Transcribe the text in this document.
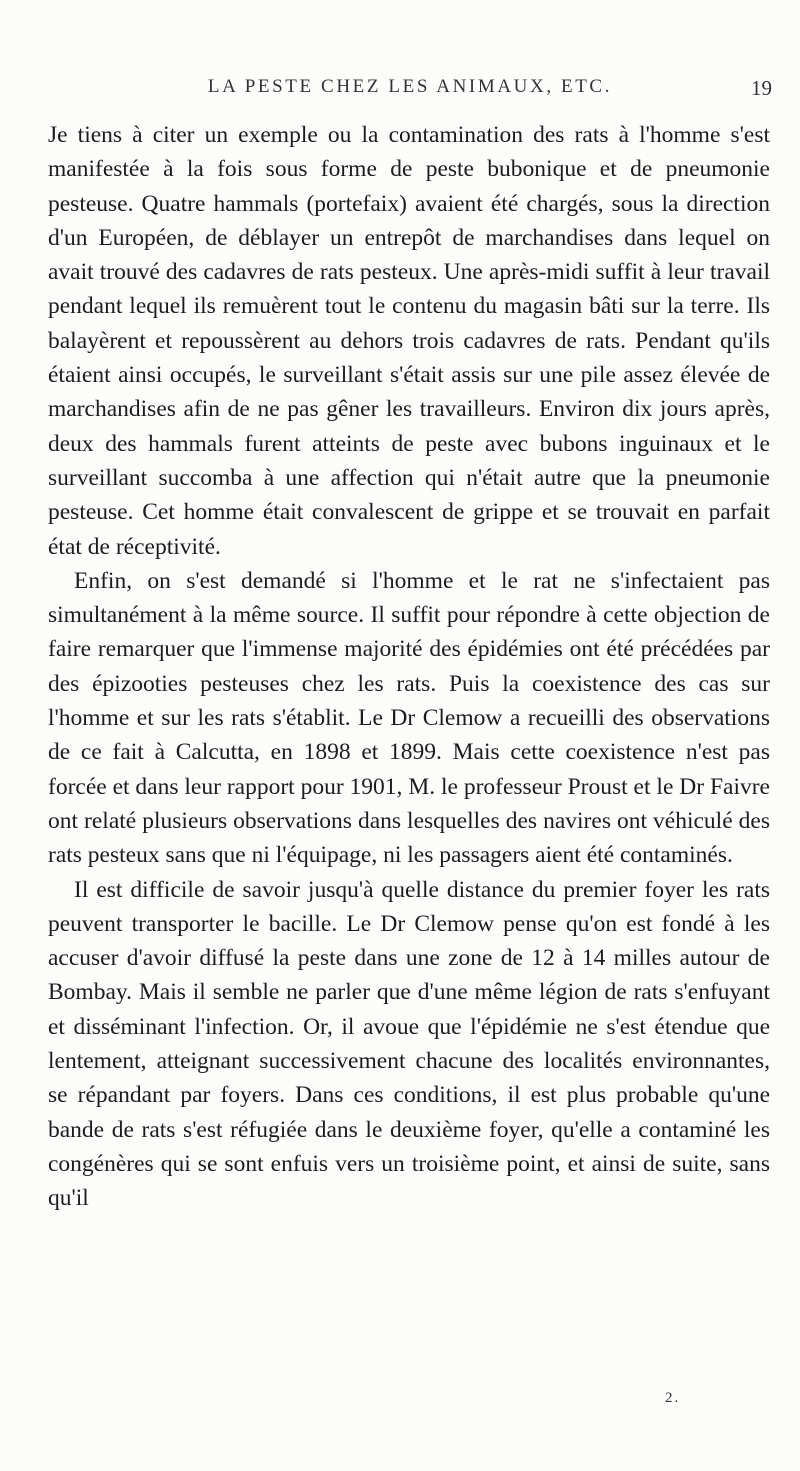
LA PESTE CHEZ LES ANIMAUX, ETC.	19

Je tiens à citer un exemple ou la contamination des rats à l'homme s'est manifestée à la fois sous forme de peste bubonique et de pneumonie pesteuse. Quatre hammals (portefaix) avaient été chargés, sous la direction d'un Européen, de déblayer un entrepôt de marchandises dans lequel on avait trouvé des cadavres de rats pesteux. Une après-midi suffit à leur travail pendant lequel ils remuèrent tout le contenu du magasin bâti sur la terre. Ils balayèrent et repoussèrent au dehors trois cadavres de rats. Pendant qu'ils étaient ainsi occupés, le surveillant s'était assis sur une pile assez élevée de marchandises afin de ne pas gêner les travailleurs. Environ dix jours après, deux des hammals furent atteints de peste avec bubons inguinaux et le surveillant succomba à une affection qui n'était autre que la pneumonie pesteuse. Cet homme était convalescent de grippe et se trouvait en parfait état de réceptivité.

Enfin, on s'est demandé si l'homme et le rat ne s'infectaient pas simultanément à la même source. Il suffit pour répondre à cette objection de faire remarquer que l'immense majorité des épidémies ont été précédées par des épizooties pesteuses chez les rats. Puis la coexistence des cas sur l'homme et sur les rats s'établit. Le Dr Clemow a recueilli des observations de ce fait à Calcutta, en 1898 et 1899. Mais cette coexistence n'est pas forcée et dans leur rapport pour 1901, M. le professeur Proust et le Dr Faivre ont relaté plusieurs observations dans lesquelles des navires ont véhiculé des rats pesteux sans que ni l'équipage, ni les passagers aient été contaminés.

Il est difficile de savoir jusqu'à quelle distance du premier foyer les rats peuvent transporter le bacille. Le Dr Clemow pense qu'on est fondé à les accuser d'avoir diffusé la peste dans une zone de 12 à 14 milles autour de Bombay. Mais il semble ne parler que d'une même légion de rats s'enfuyant et disséminant l'infection. Or, il avoue que l'épidémie ne s'est étendue que lentement, atteignant successivement chacune des localités environnantes, se répandant par foyers. Dans ces conditions, il est plus probable qu'une bande de rats s'est réfugiée dans le deuxième foyer, qu'elle a contaminé les congénères qui se sont enfuis vers un troisième point, et ainsi de suite, sans qu'il

2.
